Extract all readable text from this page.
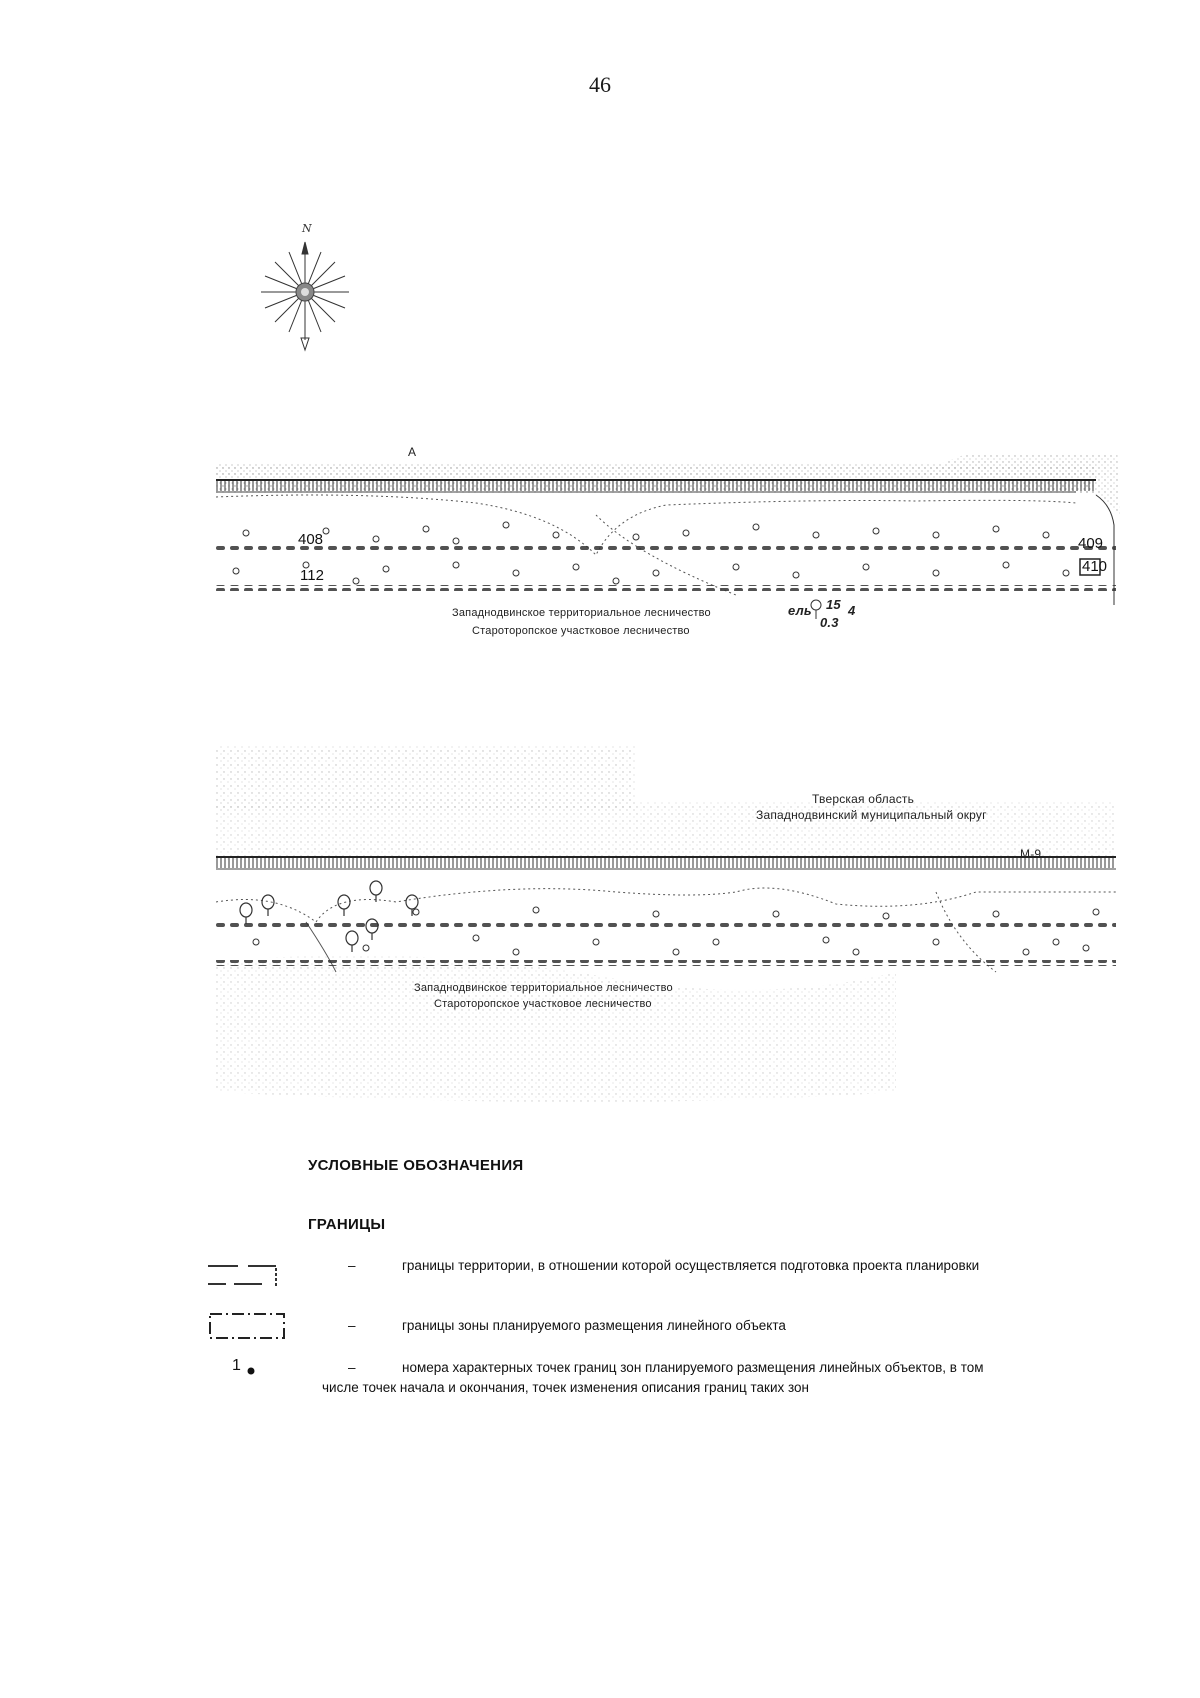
46
N
А
408
112
409
410
Западнодвинское территориальное лесничество
Староторопское участковое лесничество
ель 15 4
0.3
Тверская область
Западнодвинский муниципальный округ
М-9
Западнодвинское территориальное лесничество
Староторопское участковое лесничество
УСЛОВНЫЕ ОБОЗНАЧЕНИЯ
ГРАНИЦЫ
–	границы территории, в отношении которой осуществляется подготовка проекта планировки
–	границы зоны планируемого размещения линейного объекта
1	–	номера характерных точек границ зон планируемого размещения линейных объектов, в том числе точек начала и окончания, точек изменения описания границ таких зон
